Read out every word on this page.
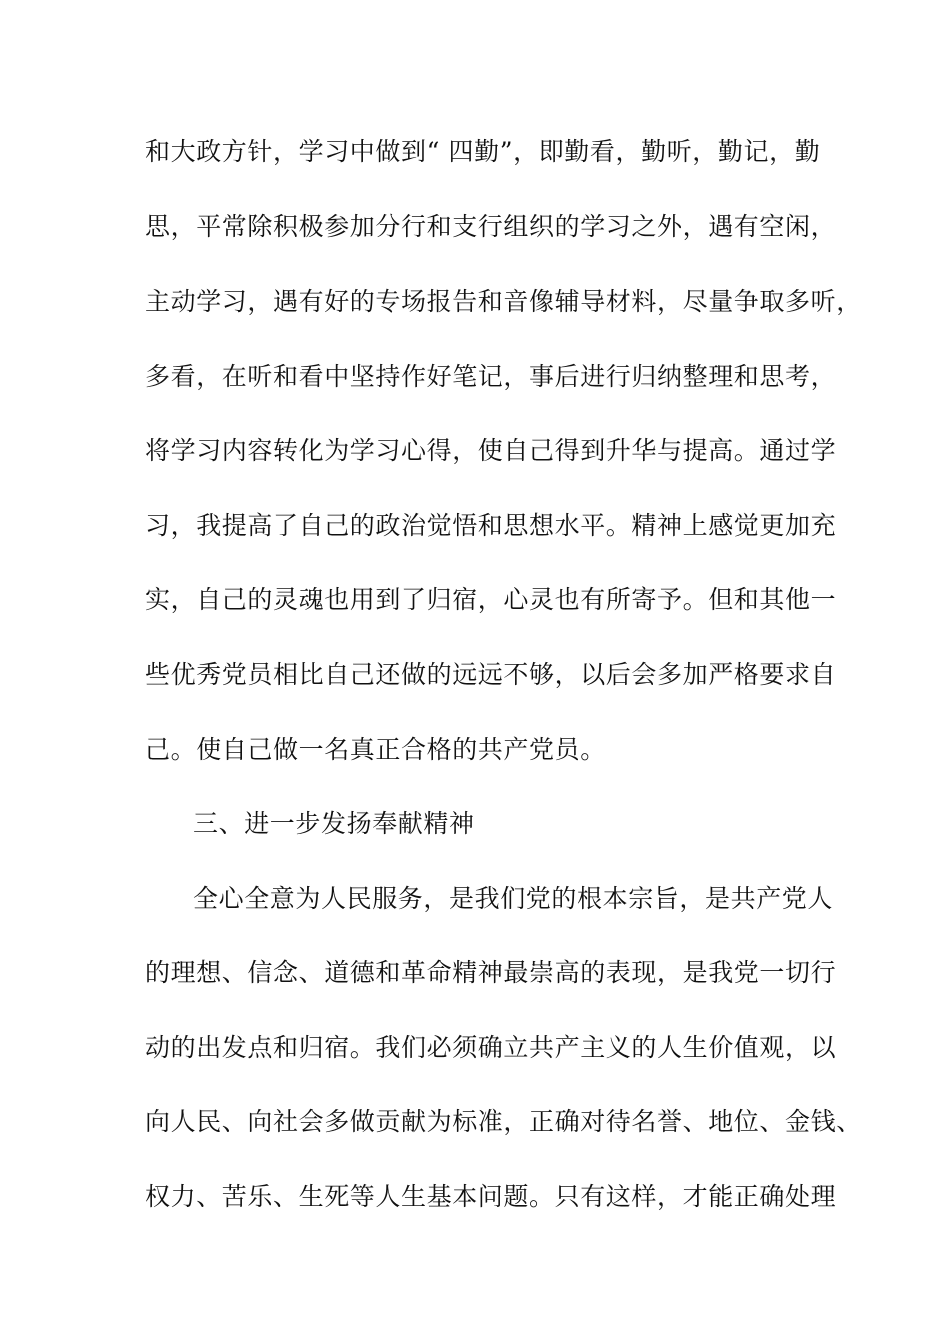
和大政方针，学习中做到“ 四勤”，即勤看，勤听，勤记，勤
思，平常除积极参加分行和支行组织的学习之外，遇有空闲，
主动学习，遇有好的专场报告和音像辅导材料，尽量争取多听，
多看，在听和看中坚持作好笔记，事后进行归纳整理和思考，
将学习内容转化为学习心得，使自己得到升华与提高。通过学
习，我提高了自己的政治觉悟和思想水平。精神上感觉更加充
实，自己的灵魂也用到了归宿，心灵也有所寄予。但和其他一
些优秀党员相比自己还做的远远不够，以后会多加严格要求自
己。使自己做一名真正合格的共产党员。
三、进一步发扬奉献精神
全心全意为人民服务，是我们党的根本宗旨，是共产党人
的理想、信念、道德和革命精神最崇高的表现，是我党一切行
动的出发点和归宿。我们必须确立共产主义的人生价值观，以
向人民、向社会多做贡献为标准，正确对待名誉、地位、金钱、
权力、苦乐、生死等人生基本问题。只有这样，才能正确处理
